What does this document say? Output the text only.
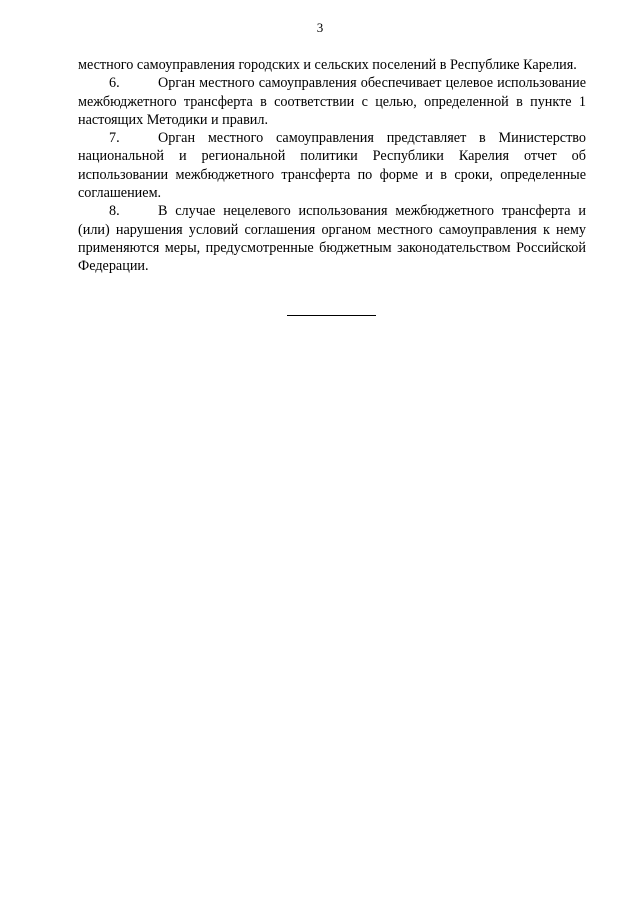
3

местного самоуправления городских и сельских поселений в Республике Карелия.

6.	Орган местного самоуправления обеспечивает целевое использование межбюджетного трансферта в соответствии с целью, определенной в пункте 1 настоящих Методики и правил.

7.	Орган местного самоуправления представляет в Министерство национальной и региональной политики Республики Карелия отчет об использовании межбюджетного трансферта по форме и в сроки, определенные соглашением.

8.	В случае нецелевого использования межбюджетного трансферта и (или) нарушения условий соглашения органом местного самоуправления к нему применяются меры, предусмотренные бюджетным законодательством Российской Федерации.
